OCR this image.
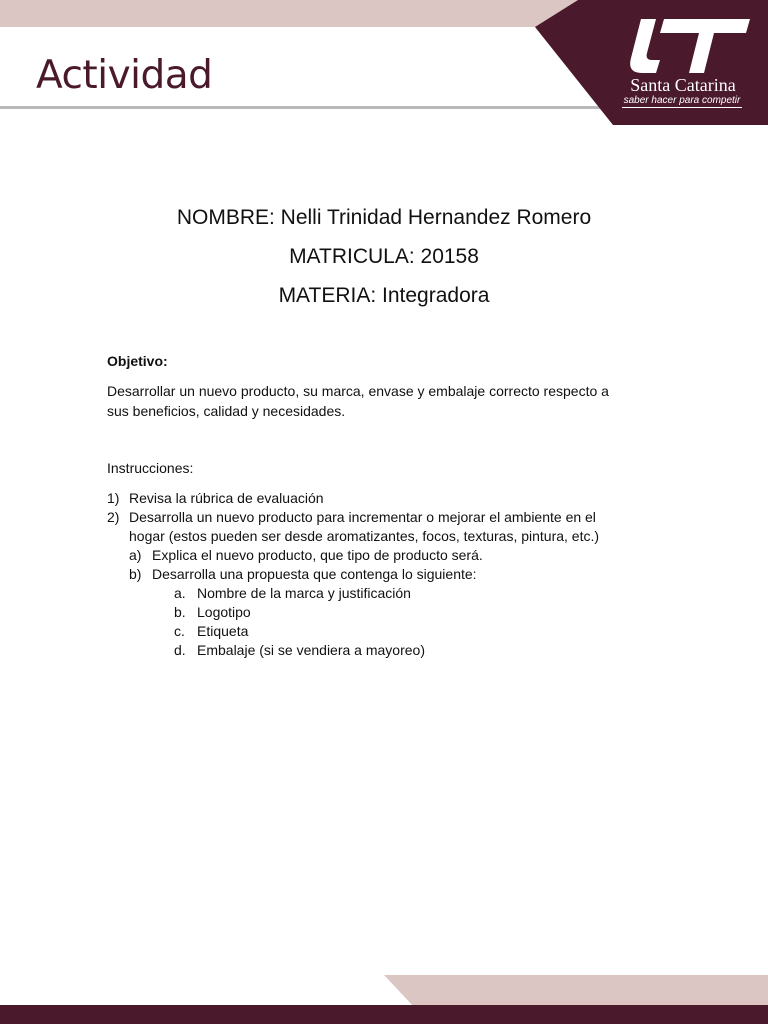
Actividad	Santa Catarina
saber hacer para competir
NOMBRE: Nelli Trinidad Hernandez Romero
MATRICULA: 20158
MATERIA: Integradora
Objetivo:
Desarrollar un nuevo producto, su marca, envase y embalaje correcto respecto a
sus beneficios, calidad y necesidades.
Instrucciones:
1) Revisa la rúbrica de evaluación
2) Desarrolla un nuevo producto para incrementar o mejorar el ambiente en el
hogar (estos pueden ser desde aromatizantes, focos, texturas, pintura, etc.)
a) Explica el nuevo producto, que tipo de producto será.
b) Desarrolla una propuesta que contenga lo siguiente:
a. Nombre de la marca y justificación
b. Logotipo
c. Etiqueta
d. Embalaje (si se vendiera a mayoreo)
